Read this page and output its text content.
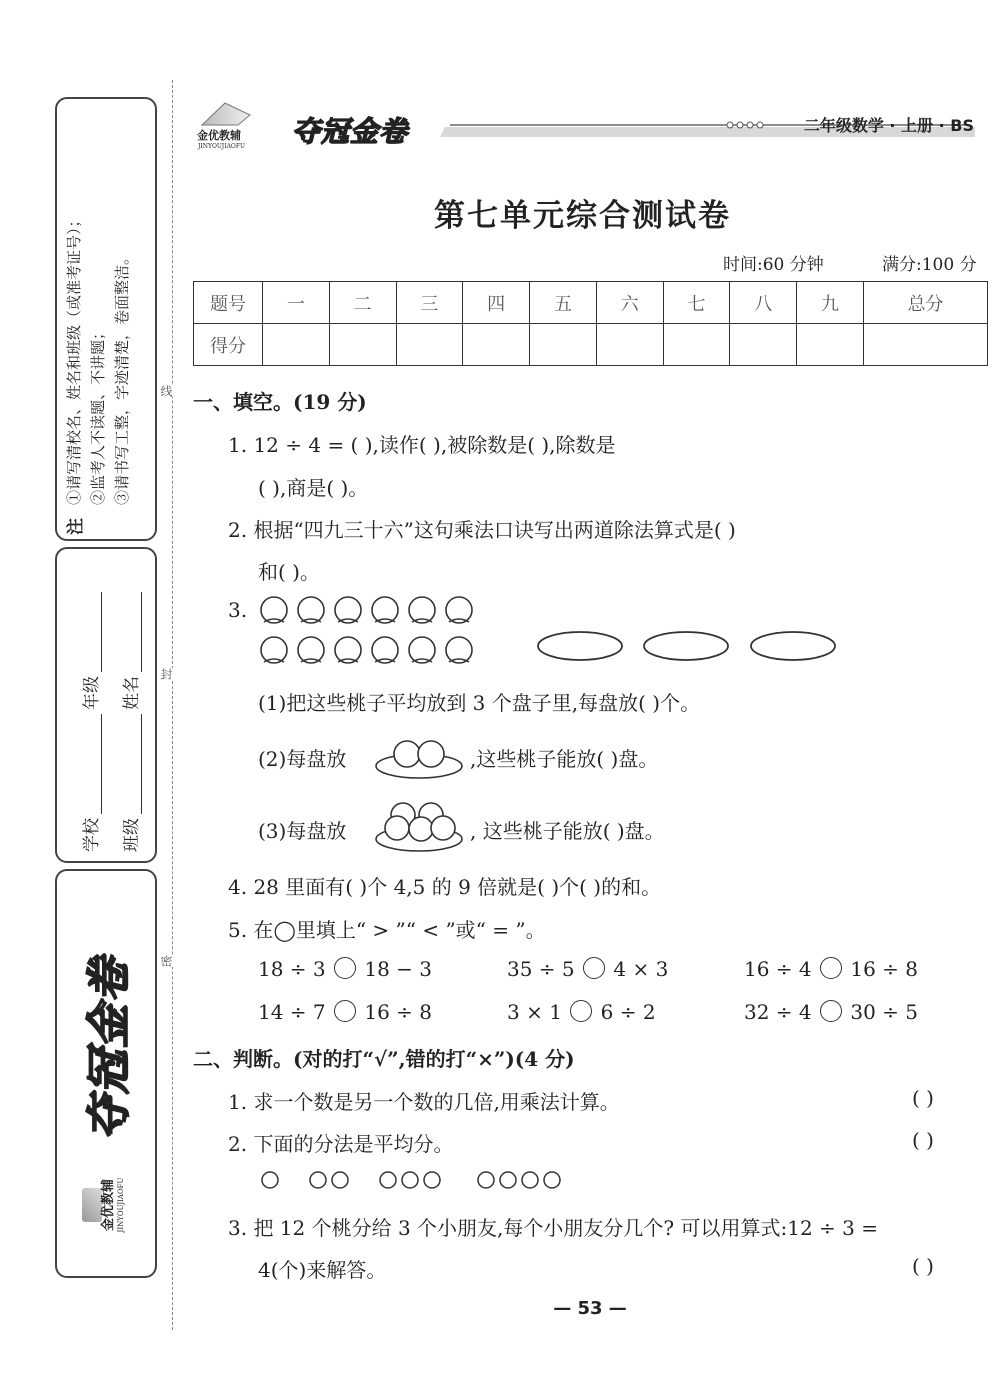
注
①请写清校名、姓名和班级（或准考证号）； ②监考人不读题、不讲题； ③请书写工整，字迹清楚，卷面整洁。
学校
年级
班级
姓名
金优教辅 JINYOUJIAOFU
夺冠金卷
线
封
密
金优教辅
JINYOUJIAOFU 夺冠金卷	二年级数学 · 上册 · BS
第七单元综合测试卷
时间:60 分钟	满分:100 分
题号	一	二	三	四	五	六	七	八	九	总分
得分										
一、填空。(19 分)
1. 12 ÷ 4 = ( ),读作( ),被除数是( ),除数是
( ),商是( )。
2. 根据“四九三十六”这句乘法口诀写出两道除法算式是( )
和( )。
3.
(1)把这些桃子平均放到 3 个盘子里,每盘放( )个。
(2)每盘放	,这些桃子能放( )盘。
(3)每盘放	, 这些桃子能放( )盘。
4. 28 里面有( )个 4,5 的 9 倍就是( )个( )的和。
5. 在◯里填上“ > ”“ < ”或“ = ”。
18 ÷ 3 18 − 3	35 ÷ 5 4 × 3	16 ÷ 4 16 ÷ 8
14 ÷ 7 16 ÷ 8	3 × 1 6 ÷ 2	32 ÷ 4 30 ÷ 5
二、判断。(对的打“√”,错的打“×”)(4 分)
1. 求一个数是另一个数的几倍,用乘法计算。	( )
2. 下面的分法是平均分。	( )
3. 把 12 个桃分给 3 个小朋友,每个小朋友分几个? 可以用算式:12 ÷ 3 =
4(个)来解答。	( )
— 53 —
